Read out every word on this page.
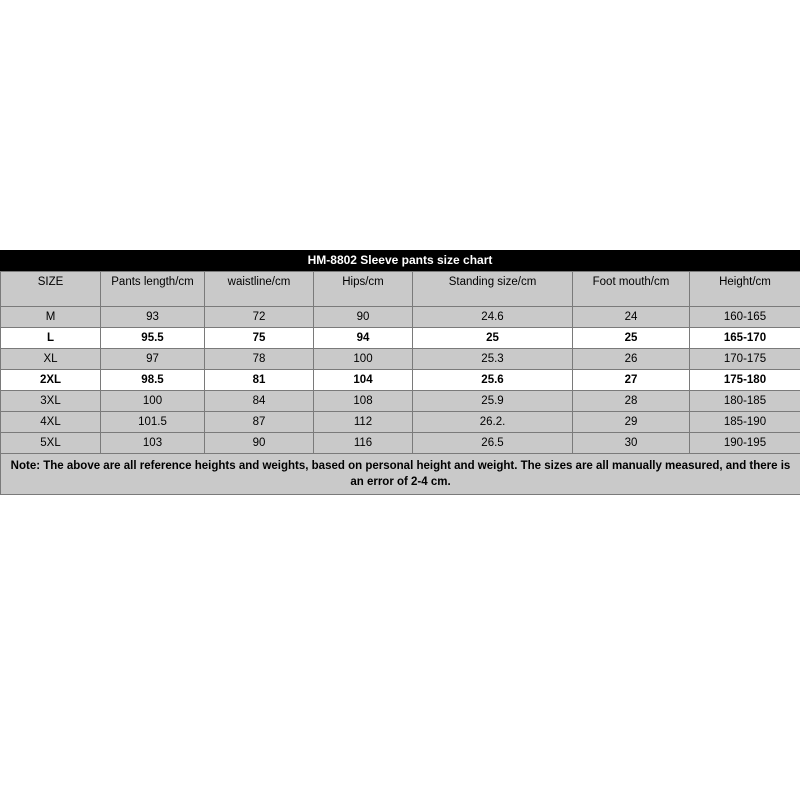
HM-8802 Sleeve pants size chart
SIZE	Pants length/cm	waistline/cm	Hips/cm	Standing size/cm	Foot mouth/cm	Height/cm
M	93	72	90	24.6	24	160-165
L	95.5	75	94	25	25	165-170
XL	97	78	100	25.3	26	170-175
2XL	98.5	81	104	25.6	27	175-180
3XL	100	84	108	25.9	28	180-185
4XL	101.5	87	112	26.2.	29	185-190
5XL	103	90	116	26.5	30	190-195
Note: The above are all reference heights and weights, based on personal height and weight. The sizes are all manually measured, and there is an error of 2-4 cm.						
